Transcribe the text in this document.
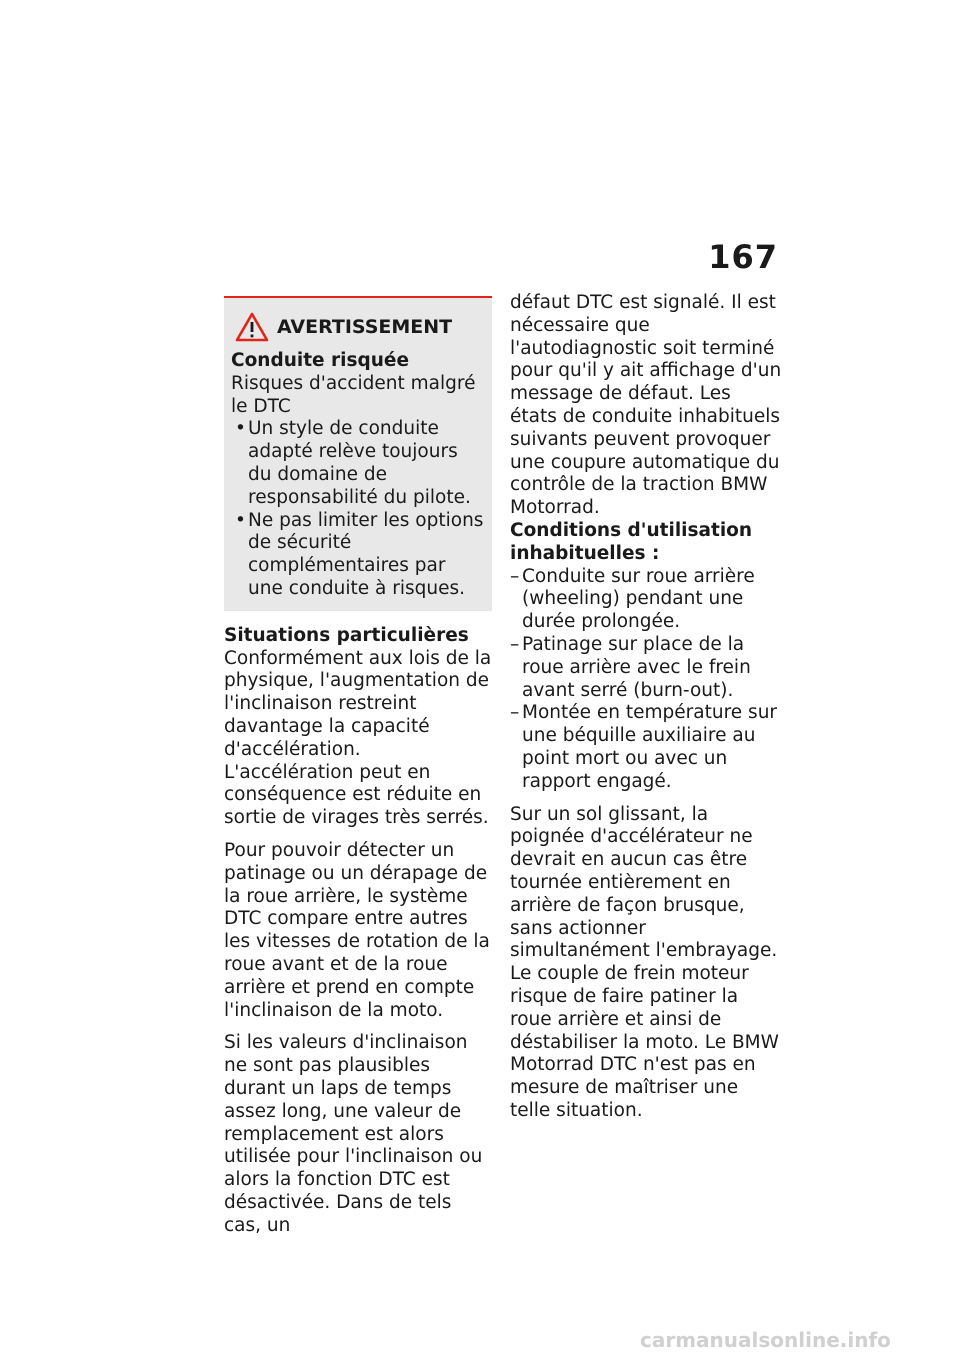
167
AVERTISSEMENT
Conduite risquée
Risques d'accident malgré le DTC
• Un style de conduite adapté relève toujours du domaine de responsabilité du pilote.
• Ne pas limiter les options de sécurité complémentaires par une conduite à risques.
Situations particulières

Conformément aux lois de la physique, l'augmentation de l'inclinaison restreint davantage la capacité d'accélération. L'accélération peut en conséquence est réduite en sortie de virages très serrés.

Pour pouvoir détecter un patinage ou un dérapage de la roue arrière, le système DTC compare entre autres les vitesses de rotation de la roue avant et de la roue arrière et prend en compte l'inclinaison de la moto.

Si les valeurs d'inclinaison ne sont pas plausibles durant un laps de temps assez long, une valeur de remplacement est alors utilisée pour l'inclinaison ou alors la fonction DTC est désactivée. Dans de tels cas, un

défaut DTC est signalé. Il est nécessaire que l'autodiagnostic soit terminé pour qu'il y ait affichage d'un message de défaut. Les états de conduite inhabituels suivants peuvent provoquer une coupure automatique du contrôle de la traction BMW Motorrad.

Conditions d'utilisation inhabituelles :
– Conduite sur roue arrière (wheeling) pendant une durée prolongée.
– Patinage sur place de la roue arrière avec le frein avant serré (burn-out).
– Montée en température sur une béquille auxiliaire au point mort ou avec un rapport engagé.

Sur un sol glissant, la poignée d'accélérateur ne devrait en aucun cas être tournée entièrement en arrière de façon brusque, sans actionner simultanément l'embrayage. Le couple de frein moteur risque de faire patiner la roue arrière et ainsi de déstabiliser la moto. Le BMW Motorrad DTC n'est pas en mesure de maîtriser une telle situation.

carmanualsonline.info
